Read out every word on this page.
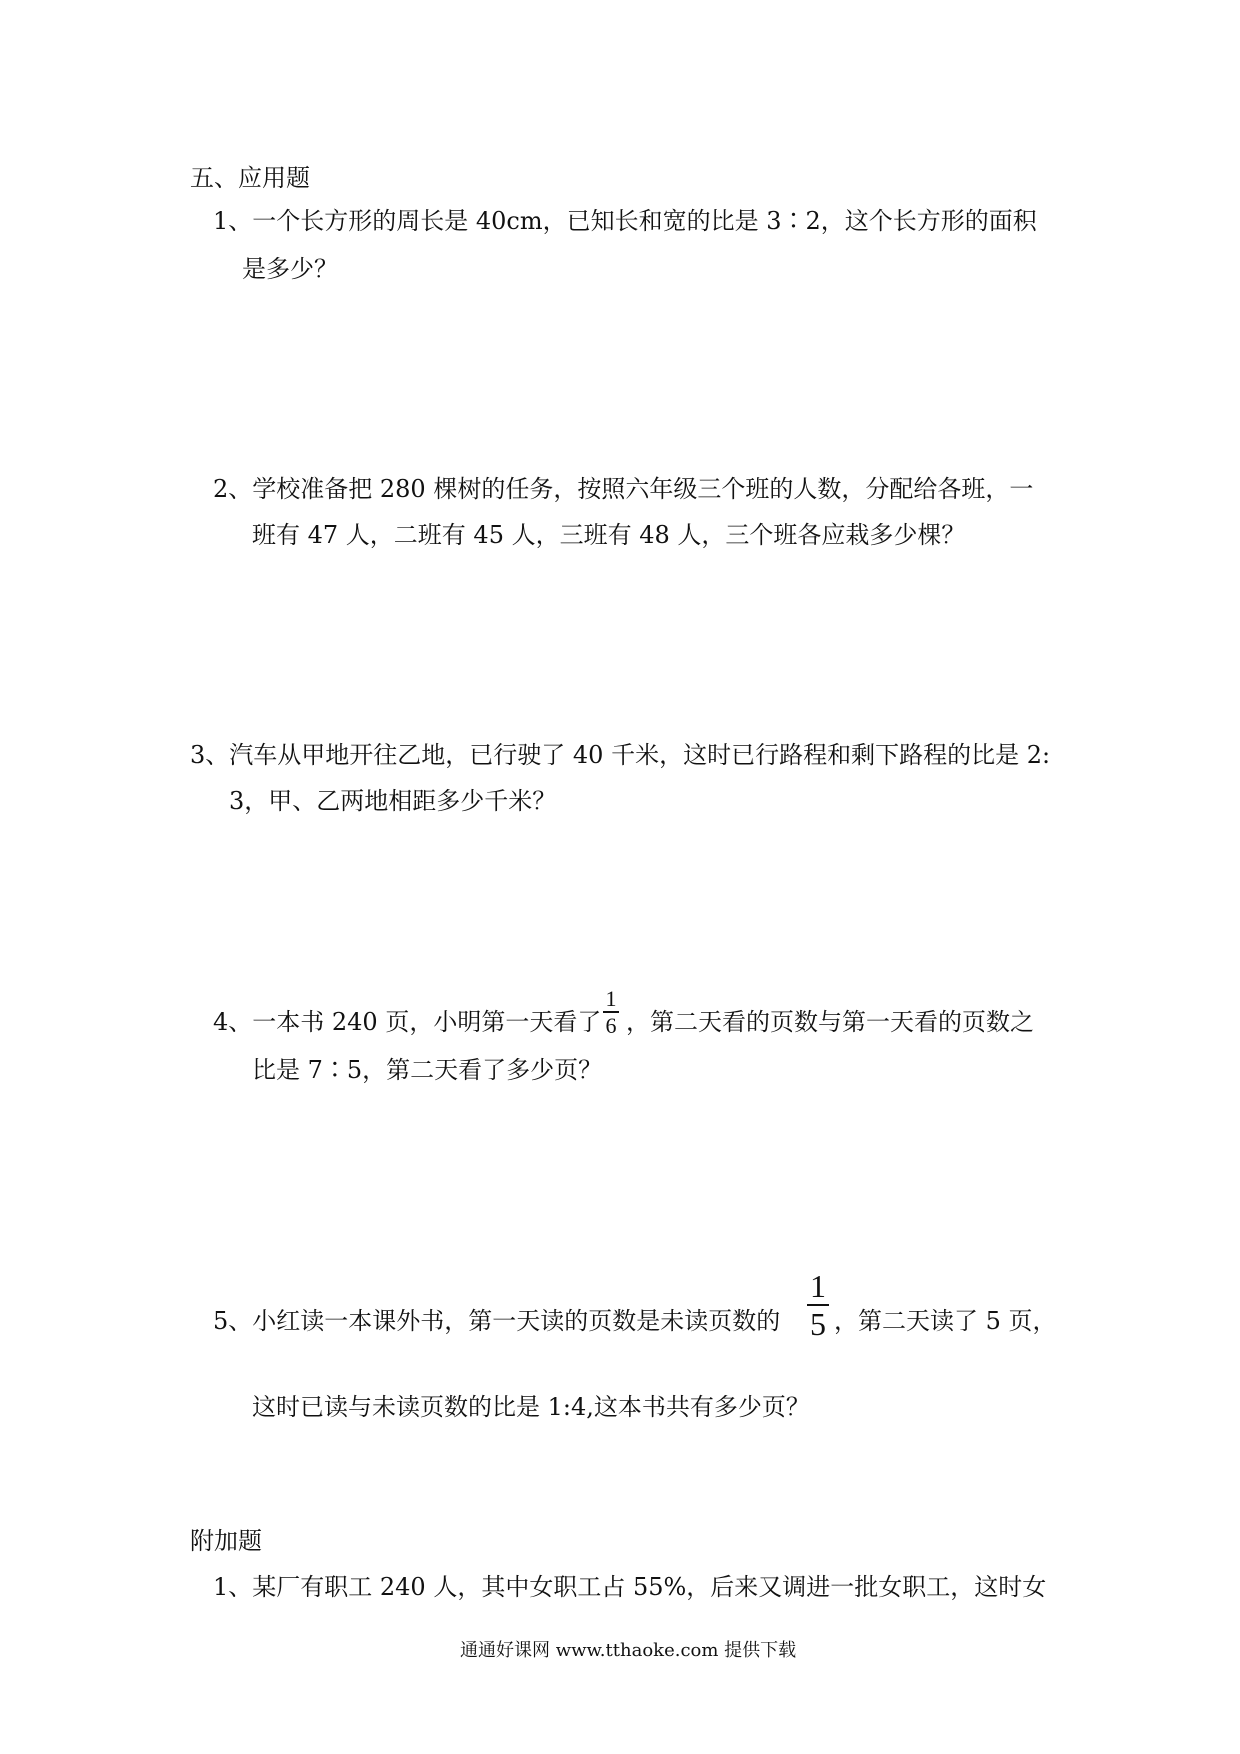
五、应用题
1、一个长方形的周长是 40cm，已知长和宽的比是 3∶2，这个长方形的面积
是多少？
2、学校准备把 280 棵树的任务，按照六年级三个班的人数，分配给各班，一
班有 47 人，二班有 45 人，三班有 48 人，三个班各应栽多少棵？
3、汽车从甲地开往乙地，已行驶了 40 千米，这时已行路程和剩下路程的比是 2:
3，甲、乙两地相距多少千米？
4、一本书 240 页，小明第一天看了
1
6 ，第二天看的页数与第一天看的页数之
比是 7∶5，第二天看了多少页？
5、小红读一本课外书，第一天读的页数是未读页数的
1
5 ，第二天读了 5 页，
这时已读与未读页数的比是 1:4,这本书共有多少页？
附加题
1、某厂有职工 240 人，其中女职工占 55%，后来又调进一批女职工，这时女
通通好课网 www.tthaoke.com 提供下载
